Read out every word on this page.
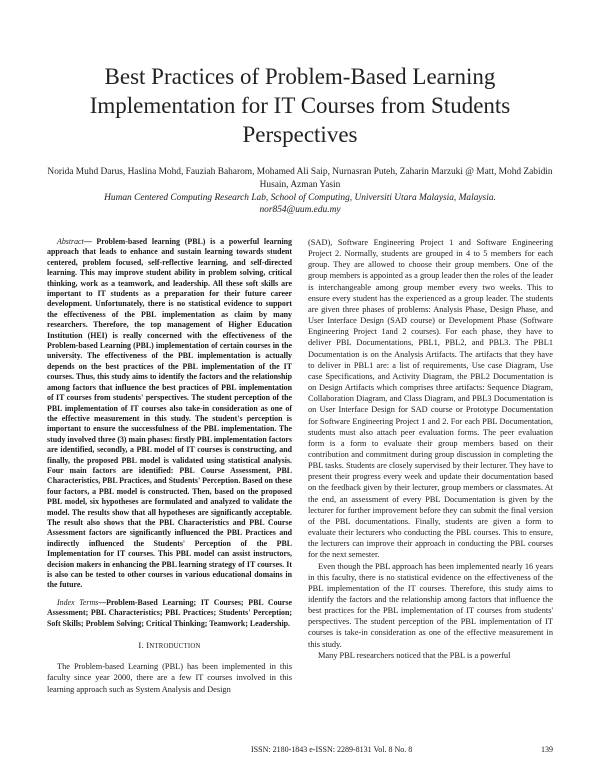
Best Practices of Problem-Based Learning Implementation for IT Courses from Students Perspectives
Norida Muhd Darus, Haslina Mohd, Fauziah Baharom, Mohamed Ali Saip, Nurnasran Puteh, Zaharin Marzuki @ Matt, Mohd Zabidin Husain, Azman Yasin
Human Centered Computing Research Lab, School of Computing, Universiti Utara Malaysia, Malaysia.
nor854@uum.edu.my

Abstract— Problem-based learning (PBL) is a powerful learning approach that leads to enhance and sustain learning towards student centered, problem focused, self-reflective learning, and self-directed learning. This may improve student ability in problem solving, critical thinking, work as a teamwork, and leadership. All these soft skills are important to IT students as a preparation for their future career development. Unfortunately, there is no statistical evidence to support the effectiveness of the PBL implementation as claim by many researchers. Therefore, the top management of Higher Education Institution (HEI) is really concerned with the effectiveness of the Problem-based Learning (PBL) implementation of certain courses in the university. The effectiveness of the PBL implementation is actually depends on the best practices of the PBL implementation of the IT courses. Thus, this study aims to identify the factors and the relationship among factors that influence the best practices of PBL implementation of IT courses from students' perspectives. The student perception of the PBL implementation of IT courses also take-in consideration as one of the effective measurement in this study. The student's perception is important to ensure the successfulness of the PBL implementation. The study involved three (3) main phases: firstly PBL implementation factors are identified, secondly, a PBL model of IT courses is constructing, and finally, the proposed PBL model is validated using statistical analysis. Four main factors are identified: PBL Course Assessment, PBL Characteristics, PBL Practices, and Students' Perception. Based on these four factors, a PBL model is constructed. Then, based on the proposed PBL model, six hypotheses are formulated and analyzed to validate the model. The results show that all hypotheses are significantly acceptable. The result also shows that the PBL Characteristics and PBL Course Assessment factors are significantly influenced the PBL Practices and indirectly influenced the Students' Perception of the PBL Implementation for IT courses. This PBL model can assist instructors, decision makers in enhancing the PBL learning strategy of IT courses. It is also can be tested to other courses in various educational domains in the future.

Index Terms—Problem-Based Learning; IT Courses; PBL Course Assessment; PBL Characteristics; PBL Practices; Students' Perception; Soft Skills; Problem Solving; Critical Thinking; Teamwork; Leadership.

I. INTRODUCTION

The Problem-based Learning (PBL) has been implemented in this faculty since year 2000, there are a few IT courses involved in this learning approach such as System Analysis and Design

(SAD), Software Engineering Project 1 and Software Engineering Project 2. Normally, students are grouped in 4 to 5 members for each group. They are allowed to choose their group members. One of the group members is appointed as a group leader then the roles of the leader is interchangeable among group member every two weeks. This to ensure every student has the experienced as a group leader. The students are given three phases of problems: Analysis Phase, Design Phase, and User Interface Design (SAD course) or Development Phase (Software Engineering Project 1and 2 courses). For each phase, they have to deliver PBL Documentations, PBL1, PBL2, and PBL3. The PBL1 Documentation is on the Analysis Artifacts. The artifacts that they have to deliver in PBL1 are: a list of requirements, Use case Diagram, Use case Specifications, and Activity Diagram, the PBL2 Documentation is on Design Artifacts which comprises three artifacts: Sequence Diagram, Collaboration Diagram, and Class Diagram, and PBL3 Documentation is on User Interface Design for SAD course or Prototype Documentation for Software Engineering Project 1 and 2. For each PBL Documentation, students must also attach peer evaluation forms. The peer evaluation form is a form to evaluate their group members based on their contribution and commitment during group discussion in completing the PBL tasks. Students are closely supervised by their lecturer. They have to present their progress every week and update their documentation based on the feedback given by their lecturer, group members or classmates. At the end, an assessment of every PBL Documentation is given by the lecturer for further improvement before they can submit the final version of the PBL documentations. Finally, students are given a form to evaluate their lecturers who conducting the PBL courses. This to ensure, the lecturers can improve their approach in conducting the PBL courses for the next semester.

Even though the PBL approach has been implemented nearly 16 years in this faculty, there is no statistical evidence on the effectiveness of the PBL implementation of the IT courses. Therefore, this study aims to identify the factors and the relationship among factors that influence the best practices for the PBL implementation of IT courses from students' perspectives. The student perception of the PBL implementation of IT courses is take-in consideration as one of the effective measurement in this study.

Many PBL researchers noticed that the PBL is a powerful

ISSN: 2180-1843 e-ISSN: 2289-8131 Vol. 8 No. 8	139
